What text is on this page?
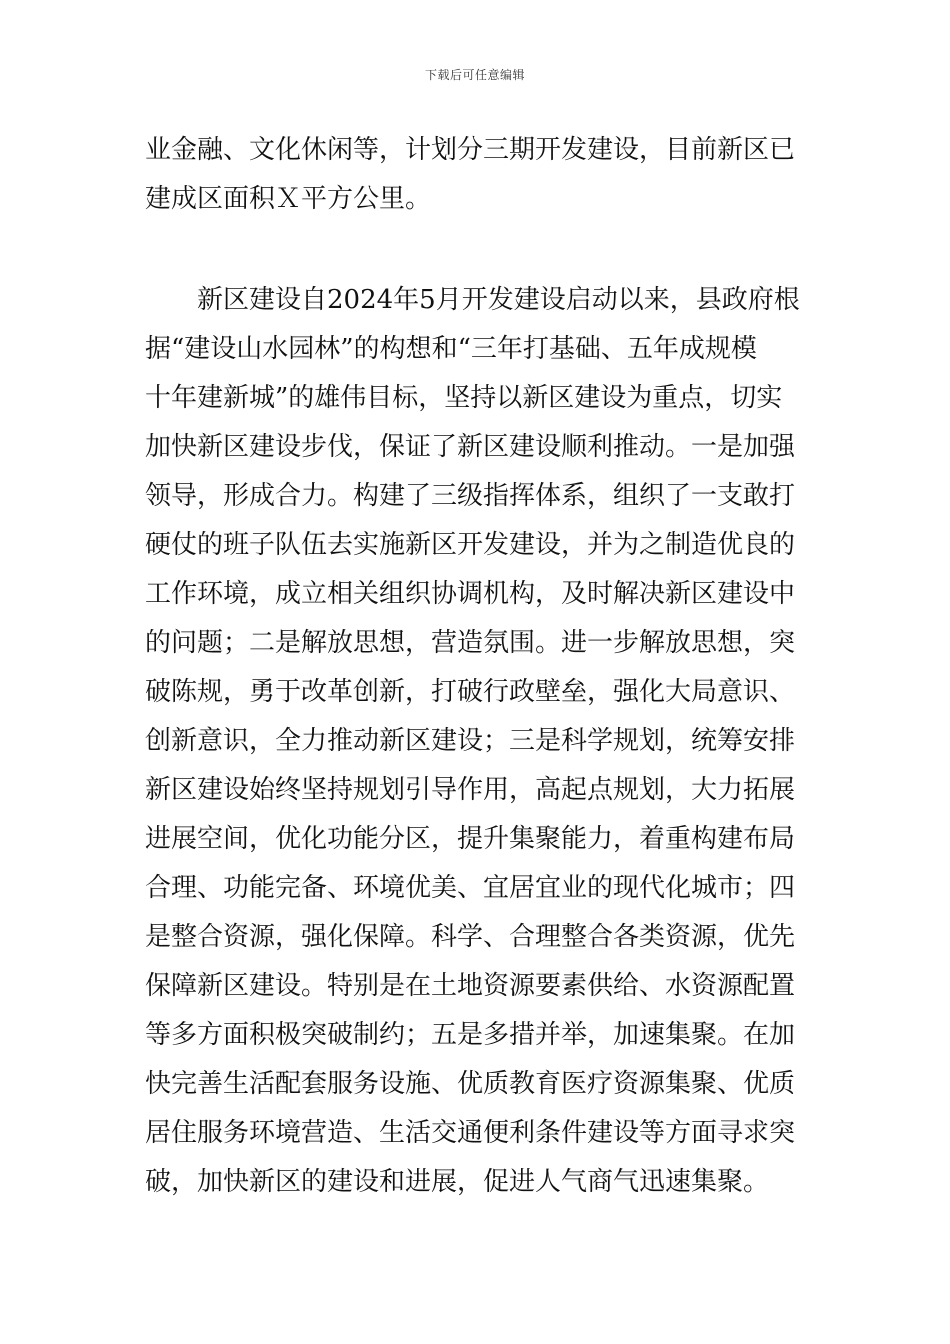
下载后可任意编辑
业金融、文化休闲等，计划分三期开发建设，目前新区已
建成区面积Ｘ平方公里。
　　新区建设自2024年5月开发建设启动以来，县政府根
据“建设山水园林”的构想和“三年打基础、五年成规模
十年建新城”的雄伟目标，坚持以新区建设为重点，切实
加快新区建设步伐，保证了新区建设顺利推动。一是加强
领导，形成合力。构建了三级指挥体系，组织了一支敢打
硬仗的班子队伍去实施新区开发建设，并为之制造优良的
工作环境，成立相关组织协调机构，及时解决新区建设中
的问题；二是解放思想，营造氛围。进一步解放思想，突
破陈规，勇于改革创新，打破行政壁垒，强化大局意识、
创新意识，全力推动新区建设；三是科学规划，统筹安排
新区建设始终坚持规划引导作用，高起点规划，大力拓展
进展空间，优化功能分区，提升集聚能力，着重构建布局
合理、功能完备、环境优美、宜居宜业的现代化城市；四
是整合资源，强化保障。科学、合理整合各类资源，优先
保障新区建设。特别是在土地资源要素供给、水资源配置
等多方面积极突破制约；五是多措并举，加速集聚。在加
快完善生活配套服务设施、优质教育医疗资源集聚、优质
居住服务环境营造、生活交通便利条件建设等方面寻求突
破，加快新区的建设和进展，促进人气商气迅速集聚。
